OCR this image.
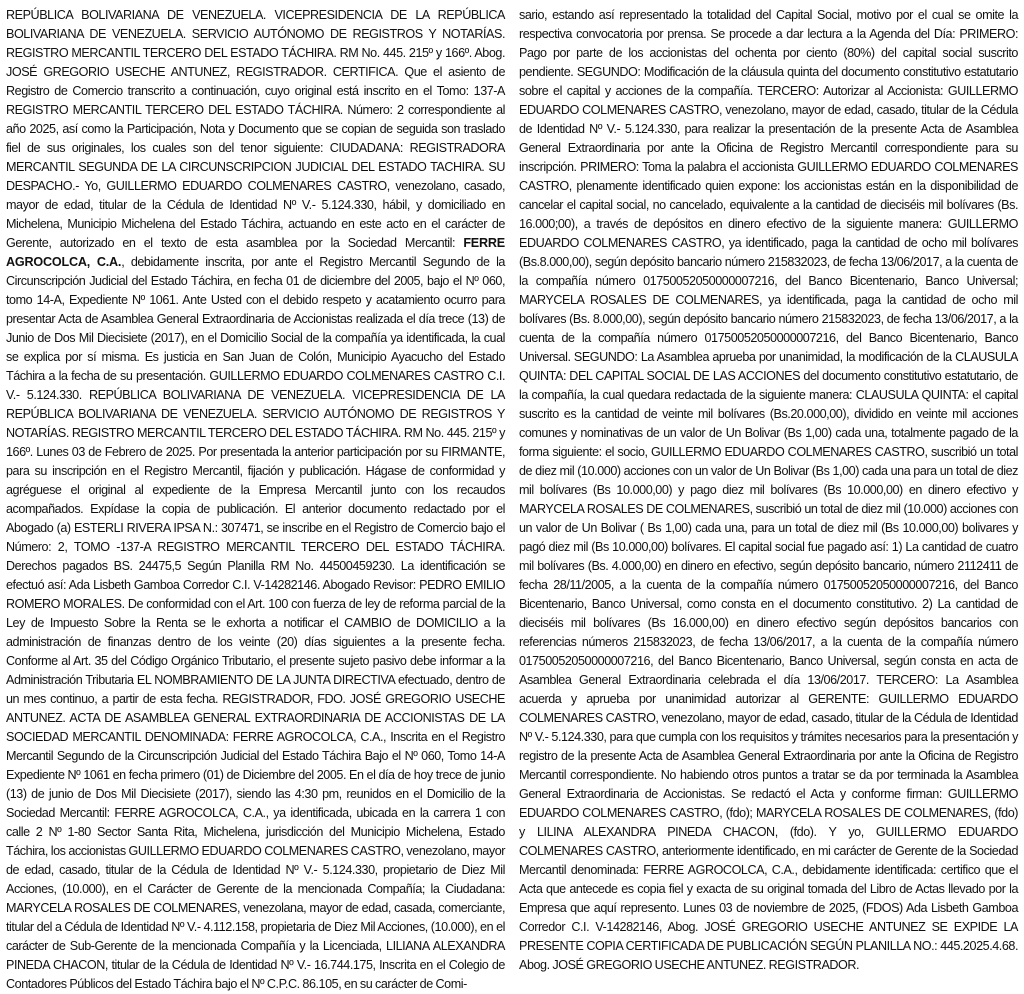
REPÚBLICA BOLIVARIANA DE VENEZUELA. VICEPRESIDENCIA DE LA REPÚBLICA BOLIVARIANA DE VENEZUELA. SERVICIO AUTÓNOMO DE REGISTROS Y NOTARÍAS. REGISTRO MERCANTIL TERCERO DEL ESTADO TÁCHIRA. RM No. 445. 215º y 166º. Abog. JOSÉ GREGORIO USECHE ANTUNEZ, REGISTRADOR. CERTIFICA. Que el asiento de Registro de Comercio transcrito a continuación, cuyo original está inscrito en el Tomo: 137-A REGISTRO MERCANTIL TERCERO DEL ESTADO TÁCHIRA. Número: 2 correspondiente al año 2025, así como la Participación, Nota y Documento que se copian de seguida son traslado fiel de sus originales, los cuales son del tenor siguiente: CIUDADANA: REGISTRADORA MERCANTIL SEGUNDA DE LA CIRCUNSCRIPCION JUDICIAL DEL ESTADO TACHIRA. SU DESPACHO.- Yo, GUILLERMO EDUARDO COLMENARES CASTRO, venezolano, casado, mayor de edad, titular de la Cédula de Identidad Nº V.- 5.124.330, hábil, y domiciliado en Michelena, Municipio Michelena del Estado Táchira, actuando en este acto en el carácter de Gerente, autorizado en el texto de esta asamblea por la Sociedad Mercantil: FERRE AGROCOLCA, C.A., debidamente inscrita, por ante el Registro Mercantil Segundo de la Circunscripción Judicial del Estado Táchira, en fecha 01 de diciembre del 2005, bajo el Nº 060, tomo 14-A, Expediente Nº 1061. Ante Usted con el debido respeto y acatamiento ocurro para presentar Acta de Asamblea General Extraordinaria de Accionistas realizada el día trece (13) de Junio de Dos Mil Diecisiete (2017), en el Domicilio Social de la compañía ya identificada, la cual se explica por sí misma. Es justicia en San Juan de Colón, Municipio Ayacucho del Estado Táchira a la fecha de su presentación. GUILLERMO EDUARDO COLMENARES CASTRO C.I. V.- 5.124.330. REPÚBLICA BOLIVARIANA DE VENEZUELA. VICEPRESIDENCIA DE LA REPÚBLICA BOLIVARIANA DE VENEZUELA. SERVICIO AUTÓNOMO DE REGISTROS Y NOTARÍAS. REGISTRO MERCANTIL TERCERO DEL ESTADO TÁCHIRA. RM No. 445. 215º y 166º. Lunes 03 de Febrero de 2025. Por presentada la anterior participación por su FIRMANTE, para su inscripción en el Registro Mercantil, fijación y publicación. Hágase de conformidad y agréguese el original al expediente de la Empresa Mercantil junto con los recaudos acompañados. Expídase la copia de publicación. El anterior documento redactado por el Abogado (a) ESTERLI RIVERA IPSA N.: 307471, se inscribe en el Registro de Comercio bajo el Número: 2, TOMO -137-A REGISTRO MERCANTIL TERCERO DEL ESTADO TÁCHIRA. Derechos pagados BS. 24475,5 Según Planilla RM No. 44500459230. La identificación se efectuó así: Ada Lisbeth Gamboa Corredor C.I. V-14282146. Abogado Revisor: PEDRO EMILIO ROMERO MORALES. De conformidad con el Art. 100 con fuerza de ley de reforma parcial de la Ley de Impuesto Sobre la Renta se le exhorta a notificar el CAMBIO de DOMICILIO a la administración de finanzas dentro de los veinte (20) días siguientes a la presente fecha. Conforme al Art. 35 del Código Orgánico Tributario, el presente sujeto pasivo debe informar a la Administración Tributaria EL NOMBRAMIENTO DE LA JUNTA DIRECTIVA efectuado, dentro de un mes continuo, a partir de esta fecha. REGISTRADOR, FDO. JOSÉ GREGORIO USECHE ANTUNEZ. ACTA DE ASAMBLEA GENERAL EXTRAORDINARIA DE ACCIONISTAS DE LA SOCIEDAD MERCANTIL DENOMINADA: FERRE AGROCOLCA, C.A., Inscrita en el Registro Mercantil Segundo de la Circunscripción Judicial del Estado Táchira Bajo el Nº 060, Tomo 14-A Expediente Nº 1061 en fecha primero (01) de Diciembre del 2005. En el día de hoy trece de junio (13) de junio de Dos Mil Diecisiete (2017), siendo las 4:30 pm, reunidos en el Domicilio de la Sociedad Mercantil: FERRE AGROCOLCA, C.A., ya identificada, ubicada en la carrera 1 con calle 2 Nº 1-80 Sector Santa Rita, Michelena, jurisdicción del Municipio Michelena, Estado Táchira, los accionistas GUILLERMO EDUARDO COLMENARES CASTRO, venezolano, mayor de edad, casado, titular de la Cédula de Identidad Nº V.- 5.124.330, propietario de Diez Mil Acciones, (10.000), en el Carácter de Gerente de la mencionada Compañía; la Ciudadana: MARYCELA ROSALES DE COLMENARES, venezolana, mayor de edad, casada, comerciante, titular del a Cédula de Identidad Nº V.- 4.112.158, propietaria de Diez Mil Acciones, (10.000), en el carácter de Sub-Gerente de la mencionada Compañía y la Licenciada, LILIANA ALEXANDRA PINEDA CHACON, titular de la Cédula de Identidad Nº V.- 16.744.175, Inscrita en el Colegio de Contadores Públicos del Estado Táchira bajo el Nº C.P.C. 86.105, en su carácter de Comi-

sario, estando así representado la totalidad del Capital Social, motivo por el cual se omite la respectiva convocatoria por prensa. Se procede a dar lectura a la Agenda del Día: PRIMERO: Pago por parte de los accionistas del ochenta por ciento (80%) del capital social suscrito pendiente. SEGUNDO: Modificación de la cláusula quinta del documento constitutivo estatutario sobre el capital y acciones de la compañía. TERCERO: Autorizar al Accionista: GUILLERMO EDUARDO COLMENARES CASTRO, venezolano, mayor de edad, casado, titular de la Cédula de Identidad Nº V.- 5.124.330, para realizar la presentación de la presente Acta de Asamblea General Extraordinaria por ante la Oficina de Registro Mercantil correspondiente para su inscripción. PRIMERO: Toma la palabra el accionista GUILLERMO EDUARDO COLMENARES CASTRO, plenamente identificado quien expone: los accionistas están en la disponibilidad de cancelar el capital social, no cancelado, equivalente a la cantidad de dieciséis mil bolívares (Bs. 16.000;00), a través de depósitos en dinero efectivo de la siguiente manera: GUILLERMO EDUARDO COLMENARES CASTRO, ya identificado, paga la cantidad de ocho mil bolívares (Bs.8.000,00), según depósito bancario número 215832023, de fecha 13/06/2017, a la cuenta de la compañía número 01750052050000007216, del Banco Bicentenario, Banco Universal; MARYCELA ROSALES DE COLMENARES, ya identificada, paga la cantidad de ocho mil bolívares (Bs. 8.000,00), según depósito bancario número 215832023, de fecha 13/06/2017, a la cuenta de la compañía número 01750052050000007216, del Banco Bicentenario, Banco Universal. SEGUNDO: La Asamblea aprueba por unanimidad, la modificación de la CLAUSULA QUINTA: DEL CAPITAL SOCIAL DE LAS ACCIONES del documento constitutivo estatutario, de la compañía, la cual quedara redactada de la siguiente manera: CLAUSULA QUINTA: el capital suscrito es la cantidad de veinte mil bolívares (Bs.20.000,00), dividido en veinte mil acciones comunes y nominativas de un valor de Un Bolivar (Bs 1,00) cada una, totalmente pagado de la forma siguiente: el socio, GUILLERMO EDUARDO COLMENARES CASTRO, suscribió un total de diez mil (10.000) acciones con un valor de Un Bolivar (Bs 1,00) cada una para un total de diez mil bolívares (Bs 10.000,00) y pago diez mil bolívares (Bs 10.000,00) en dinero efectivo y MARYCELA ROSALES DE COLMENARES, suscribió un total de diez mil (10.000) acciones con un valor de Un Bolivar ( Bs 1,00) cada una, para un total de diez mil (Bs 10.000,00) bolivares y pagó diez mil (Bs 10.000,00) bolívares. El capital social fue pagado así: 1) La cantidad de cuatro mil bolívares (Bs. 4.000,00) en dinero en efectivo, según depósito bancario, número 2112411 de fecha 28/11/2005, a la cuenta de la compañía número 01750052050000007216, del Banco Bicentenario, Banco Universal, como consta en el documento constitutivo. 2) La cantidad de dieciséis mil bolívares (Bs 16.000,00) en dinero efectivo según depósitos bancarios con referencias números 215832023, de fecha 13/06/2017, a la cuenta de la compañía número 01750052050000007216, del Banco Bicentenario, Banco Universal, según consta en acta de Asamblea General Extraordinaria celebrada el día 13/06/2017. TERCERO: La Asamblea acuerda y aprueba por unanimidad autorizar al GERENTE: GUILLERMO EDUARDO COLMENARES CASTRO, venezolano, mayor de edad, casado, titular de la Cédula de Identidad Nº V.- 5.124.330, para que cumpla con los requisitos y trámites necesarios para la presentación y registro de la presente Acta de Asamblea General Extraordinaria por ante la Oficina de Registro Mercantil correspondiente. No habiendo otros puntos a tratar se da por terminada la Asamblea General Extraordinaria de Accionistas. Se redactó el Acta y conforme firman: GUILLERMO EDUARDO COLMENARES CASTRO, (fdo); MARYCELA ROSALES DE COLMENARES, (fdo) y LILINA ALEXANDRA PINEDA CHACON, (fdo). Y yo, GUILLERMO EDUARDO COLMENARES CASTRO, anteriormente identificado, en mi carácter de Gerente de la Sociedad Mercantil denominada: FERRE AGROCOLCA, C.A., debidamente identificada: certifico que el Acta que antecede es copia fiel y exacta de su original tomada del Libro de Actas llevado por la Empresa que aquí represento. Lunes 03 de noviembre de 2025, (FDOS) Ada Lisbeth Gamboa Corredor C.I. V-14282146, Abog. JOSÉ GREGORIO USECHE ANTUNEZ SE EXPIDE LA PRESENTE COPIA CERTIFICADA DE PUBLICACIÓN SEGÚN PLANILLA NO.: 445.2025.4.68. Abog. JOSÉ GREGORIO USECHE ANTUNEZ. REGISTRADOR.
